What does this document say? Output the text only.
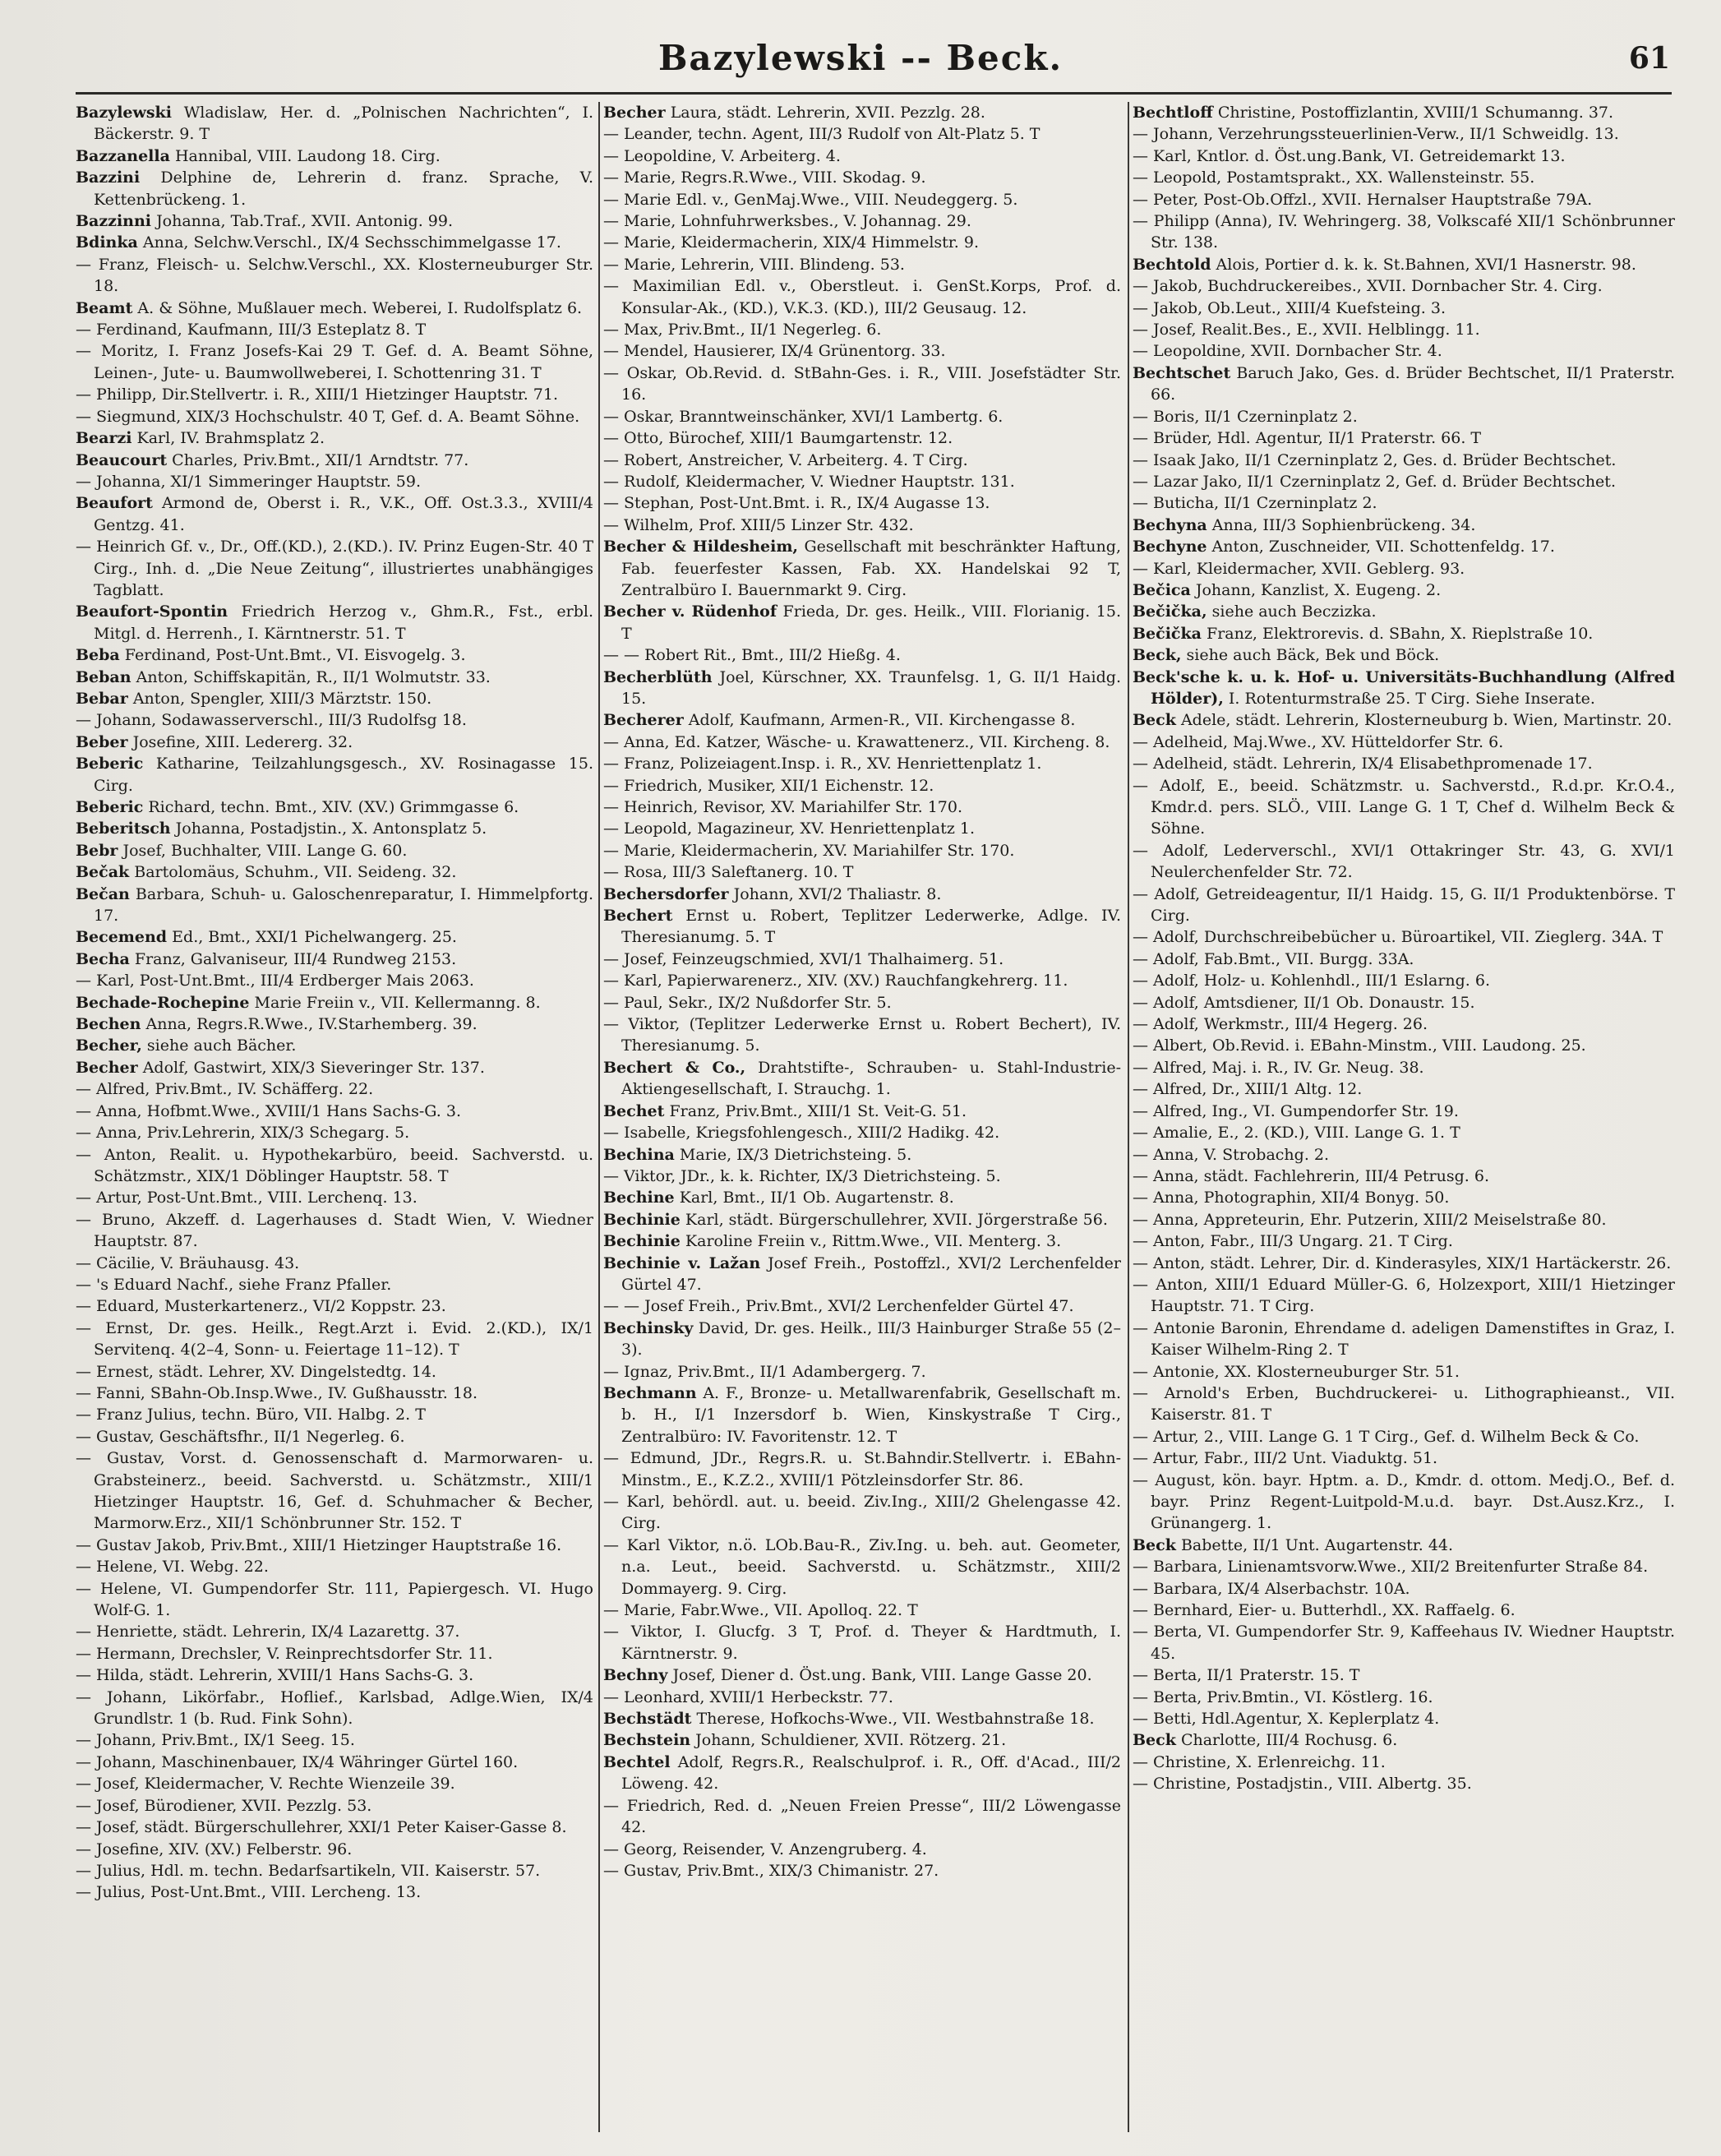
Bazylewski -- Beck.	61

Bazylewski Wladislaw, Her. d. „Polnischen Nachrichten“, I. Bäckerstr. 9. T

Bazzanella Hannibal, VIII. Laudong 18. Cirg.

Bazzini Delphine de, Lehrerin d. franz. Sprache, V. Kettenbrückeng. 1.

Bazzinni Johanna, Tab.Traf., XVII. Antonig. 99.

Bdinka Anna, Selchw.Verschl., IX/4 Sechsschimmelgasse 17.

— Franz, Fleisch- u. Selchw.Verschl., XX. Klosterneuburger Str. 18.

Beamt A. & Söhne, Mußlauer mech. Weberei, I. Rudolfsplatz 6.

— Ferdinand, Kaufmann, III/3 Esteplatz 8. T

— Moritz, I. Franz Josefs-Kai 29 T. Gef. d. A. Beamt Söhne, Leinen-, Jute- u. Baumwollweberei, I. Schottenring 31. T

— Philipp, Dir.Stellvertr. i. R., XIII/1 Hietzinger Hauptstr. 71.

— Siegmund, XIX/3 Hochschulstr. 40 T, Gef. d. A. Beamt Söhne.

Bearzi Karl, IV. Brahmsplatz 2.

Beaucourt Charles, Priv.Bmt., XII/1 Arndtstr. 77.

— Johanna, XI/1 Simmeringer Hauptstr. 59.

Beaufort Armond de, Oberst i. R., V.K., Off. Ost.3.3., XVIII/4 Gentzg. 41.

— Heinrich Gf. v., Dr., Off.(KD.), 2.(KD.). IV. Prinz Eugen-Str. 40 T Cirg., Inh. d. „Die Neue Zeitung“, illustriertes unabhängiges Tagblatt.

Beaufort-Spontin Friedrich Herzog v., Ghm.R., Fst., erbl. Mitgl. d. Herrenh., I. Kärntnerstr. 51. T

Beba Ferdinand, Post-Unt.Bmt., VI. Eisvogelg. 3.

Beban Anton, Schiffskapitän, R., II/1 Wolmutstr. 33.

Bebar Anton, Spengler, XIII/3 Märztstr. 150.

— Johann, Sodawasserverschl., III/3 Rudolfsg 18.

Beber Josefine, XIII. Ledererg. 32.

Beberic Katharine, Teilzahlungsgesch., XV. Rosinagasse 15. Cirg.

Beberic Richard, techn. Bmt., XIV. (XV.) Grimmgasse 6.

Beberitsch Johanna, Postadjstin., X. Antonsplatz 5.

Bebr Josef, Buchhalter, VIII. Lange G. 60.

Bečak Bartolomäus, Schuhm., VII. Seideng. 32.

Bečan Barbara, Schuh- u. Galoschenreparatur, I. Himmelpfortg. 17.

Becemend Ed., Bmt., XXI/1 Pichelwangerg. 25.

Becha Franz, Galvaniseur, III/4 Rundweg 2153.

— Karl, Post-Unt.Bmt., III/4 Erdberger Mais 2063.

Bechade-Rochepine Marie Freiin v., VII. Kellermanng. 8.

Bechen Anna, Regrs.R.Wwe., IV.Starhemberg. 39.

Becher, siehe auch Bächer.

Becher Adolf, Gastwirt, XIX/3 Sieveringer Str. 137.

— Alfred, Priv.Bmt., IV. Schäfferg. 22.

— Anna, Hofbmt.Wwe., XVIII/1 Hans Sachs-G. 3.

— Anna, Priv.Lehrerin, XIX/3 Schegarg. 5.

— Anton, Realit. u. Hypothekarbüro, beeid. Sachverstd. u. Schätzmstr., XIX/1 Döblinger Hauptstr. 58. T

— Artur, Post-Unt.Bmt., VIII. Lerchenq. 13.

— Bruno, Akzeff. d. Lagerhauses d. Stadt Wien, V. Wiedner Hauptstr. 87.

— Cäcilie, V. Bräuhausg. 43.

— 's Eduard Nachf., siehe Franz Pfaller.

— Eduard, Musterkartenerz., VI/2 Koppstr. 23.

— Ernst, Dr. ges. Heilk., Regt.Arzt i. Evid. 2.(KD.), IX/1 Servitenq. 4(2–4, Sonn- u. Feiertage 11–12). T

— Ernest, städt. Lehrer, XV. Dingelstedtg. 14.

— Fanni, SBahn-Ob.Insp.Wwe., IV. Gußhausstr. 18.

— Franz Julius, techn. Büro, VII. Halbg. 2. T

— Gustav, Geschäftsfhr., II/1 Negerleg. 6.

— Gustav, Vorst. d. Genossenschaft d. Marmorwaren- u. Grabsteinerz., beeid. Sachverstd. u. Schätzmstr., XIII/1 Hietzinger Hauptstr. 16, Gef. d. Schuhmacher & Becher, Marmorw.Erz., XII/1 Schönbrunner Str. 152. T

— Gustav Jakob, Priv.Bmt., XIII/1 Hietzinger Hauptstraße 16.

— Helene, VI. Webg. 22.

— Helene, VI. Gumpendorfer Str. 111, Papiergesch. VI. Hugo Wolf-G. 1.

— Henriette, städt. Lehrerin, IX/4 Lazarettg. 37.

— Hermann, Drechsler, V. Reinprechtsdorfer Str. 11.

— Hilda, städt. Lehrerin, XVIII/1 Hans Sachs-G. 3.

— Johann, Likörfabr., Hoflief., Karlsbad, Adlge.Wien, IX/4 Grundlstr. 1 (b. Rud. Fink Sohn).

— Johann, Priv.Bmt., IX/1 Seeg. 15.

— Johann, Maschinenbauer, IX/4 Währinger Gürtel 160.

— Josef, Kleidermacher, V. Rechte Wienzeile 39.

— Josef, Bürodiener, XVII. Pezzlg. 53.

— Josef, städt. Bürgerschullehrer, XXI/1 Peter Kaiser-Gasse 8.

— Josefine, XIV. (XV.) Felberstr. 96.

— Julius, Hdl. m. techn. Bedarfsartikeln, VII. Kaiserstr. 57.

— Julius, Post-Unt.Bmt., VIII. Lercheng. 13.

Becher Laura, städt. Lehrerin, XVII. Pezzlg. 28.

— Leander, techn. Agent, III/3 Rudolf von Alt-Platz 5. T

— Leopoldine, V. Arbeiterg. 4.

— Marie, Regrs.R.Wwe., VIII. Skodag. 9.

— Marie Edl. v., GenMaj.Wwe., VIII. Neudeggerg. 5.

— Marie, Lohnfuhrwerksbes., V. Johannag. 29.

— Marie, Kleidermacherin, XIX/4 Himmelstr. 9.

— Marie, Lehrerin, VIII. Blindeng. 53.

— Maximilian Edl. v., Oberstleut. i. GenSt.Korps, Prof. d. Konsular-Ak., (KD.), V.K.3. (KD.), III/2 Geusaug. 12.

— Max, Priv.Bmt., II/1 Negerleg. 6.

— Mendel, Hausierer, IX/4 Grünentorg. 33.

— Oskar, Ob.Revid. d. StBahn-Ges. i. R., VIII. Josefstädter Str. 16.

— Oskar, Branntweinschänker, XVI/1 Lambertg. 6.

— Otto, Bürochef, XIII/1 Baumgartenstr. 12.

— Robert, Anstreicher, V. Arbeiterg. 4. T Cirg.

— Rudolf, Kleidermacher, V. Wiedner Hauptstr. 131.

— Stephan, Post-Unt.Bmt. i. R., IX/4 Augasse 13.

— Wilhelm, Prof. XIII/5 Linzer Str. 432.

Becher & Hildesheim, Gesellschaft mit beschränkter Haftung, Fab. feuerfester Kassen, Fab. XX. Handelskai 92 T, Zentralbüro I. Bauernmarkt 9. Cirg.

Becher v. Rüdenhof Frieda, Dr. ges. Heilk., VIII. Florianig. 15. T

— — Robert Rit., Bmt., III/2 Hießg. 4.

Becherblüth Joel, Kürschner, XX. Traunfelsg. 1, G. II/1 Haidg. 15.

Becherer Adolf, Kaufmann, Armen-R., VII. Kirchengasse 8.

— Anna, Ed. Katzer, Wäsche- u. Krawattenerz., VII. Kircheng. 8.

— Franz, Polizeiagent.Insp. i. R., XV. Henriettenplatz 1.

— Friedrich, Musiker, XII/1 Eichenstr. 12.

— Heinrich, Revisor, XV. Mariahilfer Str. 170.

— Leopold, Magazineur, XV. Henriettenplatz 1.

— Marie, Kleidermacherin, XV. Mariahilfer Str. 170.

— Rosa, III/3 Saleftanerg. 10. T

Bechersdorfer Johann, XVI/2 Thaliastr. 8.

Bechert Ernst u. Robert, Teplitzer Lederwerke, Adlge. IV. Theresianumg. 5. T

— Josef, Feinzeugschmied, XVI/1 Thalhaimerg. 51.

— Karl, Papierwarenerz., XIV. (XV.) Rauchfangkehrerg. 11.

— Paul, Sekr., IX/2 Nußdorfer Str. 5.

— Viktor, (Teplitzer Lederwerke Ernst u. Robert Bechert), IV. Theresianumg. 5.

Bechert & Co., Drahtstifte-, Schrauben- u. Stahl-Industrie-Aktiengesellschaft, I. Strauchg. 1.

Bechet Franz, Priv.Bmt., XIII/1 St. Veit-G. 51.

— Isabelle, Kriegsfohlengesch., XIII/2 Hadikg. 42.

Bechina Marie, IX/3 Dietrichsteing. 5.

— Viktor, JDr., k. k. Richter, IX/3 Dietrichsteing. 5.

Bechine Karl, Bmt., II/1 Ob. Augartenstr. 8.

Bechinie Karl, städt. Bürgerschullehrer, XVII. Jörgerstraße 56.

Bechinie Karoline Freiin v., Rittm.Wwe., VII. Menterg. 3.

Bechinie v. Lažan Josef Freih., Postoffzl., XVI/2 Lerchenfelder Gürtel 47.

— — Josef Freih., Priv.Bmt., XVI/2 Lerchenfelder Gürtel 47.

Bechinsky David, Dr. ges. Heilk., III/3 Hainburger Straße 55 (2–3).

— Ignaz, Priv.Bmt., II/1 Adambergerg. 7.

Bechmann A. F., Bronze- u. Metallwarenfabrik, Gesellschaft m. b. H., I/1 Inzersdorf b. Wien, Kinskystraße T Cirg., Zentralbüro: IV. Favoritenstr. 12. T

— Edmund, JDr., Regrs.R. u. St.Bahndir.Stellvertr. i. EBahn-Minstm., E., K.Z.2., XVIII/1 Pötzleinsdorfer Str. 86.

— Karl, behördl. aut. u. beeid. Ziv.Ing., XIII/2 Ghelengasse 42. Cirg.

— Karl Viktor, n.ö. LOb.Bau-R., Ziv.Ing. u. beh. aut. Geometer, n.a. Leut., beeid. Sachverstd. u. Schätzmstr., XIII/2 Dommayerg. 9. Cirg.

— Marie, Fabr.Wwe., VII. Apolloq. 22. T

— Viktor, I. Glucfg. 3 T, Prof. d. Theyer & Hardtmuth, I. Kärntnerstr. 9.

Bechny Josef, Diener d. Öst.ung. Bank, VIII. Lange Gasse 20.

— Leonhard, XVIII/1 Herbeckstr. 77.

Bechstädt Therese, Hofkochs-Wwe., VII. Westbahnstraße 18.

Bechstein Johann, Schuldiener, XVII. Rötzerg. 21.

Bechtel Adolf, Regrs.R., Realschulprof. i. R., Off. d'Acad., III/2 Löweng. 42.

— Friedrich, Red. d. „Neuen Freien Presse“, III/2 Löwengasse 42.

— Georg, Reisender, V. Anzengruberg. 4.

— Gustav, Priv.Bmt., XIX/3 Chimanistr. 27.

Bechtloff Christine, Postoffizlantin, XVIII/1 Schumanng. 37.

— Johann, Verzehrungssteuerlinien-Verw., II/1 Schweidlg. 13.

— Karl, Kntlor. d. Öst.ung.Bank, VI. Getreidemarkt 13.

— Leopold, Postamtsprakt., XX. Wallensteinstr. 55.

— Peter, Post-Ob.Offzl., XVII. Hernalser Hauptstraße 79A.

— Philipp (Anna), IV. Wehringerg. 38, Volkscafé XII/1 Schönbrunner Str. 138.

Bechtold Alois, Portier d. k. k. St.Bahnen, XVI/1 Hasnerstr. 98.

— Jakob, Buchdruckereibes., XVII. Dornbacher Str. 4. Cirg.

— Jakob, Ob.Leut., XIII/4 Kuefsteing. 3.

— Josef, Realit.Bes., E., XVII. Helblingg. 11.

— Leopoldine, XVII. Dornbacher Str. 4.

Bechtschet Baruch Jako, Ges. d. Brüder Bechtschet, II/1 Praterstr. 66.

— Boris, II/1 Czerninplatz 2.

— Brüder, Hdl. Agentur, II/1 Praterstr. 66. T

— Isaak Jako, II/1 Czerninplatz 2, Ges. d. Brüder Bechtschet.

— Lazar Jako, II/1 Czerninplatz 2, Gef. d. Brüder Bechtschet.

— Buticha, II/1 Czerninplatz 2.

Bechyna Anna, III/3 Sophienbrückeng. 34.

Bechyne Anton, Zuschneider, VII. Schottenfeldg. 17.

— Karl, Kleidermacher, XVII. Geblerg. 93.

Bečica Johann, Kanzlist, X. Eugeng. 2.

Bečička, siehe auch Beczizka.

Bečička Franz, Elektrorevis. d. SBahn, X. Rieplstraße 10.

Beck, siehe auch Bäck, Bek und Böck.

Beck'sche k. u. k. Hof- u. Universitäts-Buchhandlung (Alfred Hölder), I. Rotenturmstraße 25. T Cirg. Siehe Inserate.

Beck Adele, städt. Lehrerin, Klosterneuburg b. Wien, Martinstr. 20.

— Adelheid, Maj.Wwe., XV. Hütteldorfer Str. 6.

— Adelheid, städt. Lehrerin, IX/4 Elisabethpromenade 17.

— Adolf, E., beeid. Schätzmstr. u. Sachverstd., R.d.pr. Kr.O.4., Kmdr.d. pers. SLÖ., VIII. Lange G. 1 T, Chef d. Wilhelm Beck & Söhne.

— Adolf, Lederverschl., XVI/1 Ottakringer Str. 43, G. XVI/1 Neulerchenfelder Str. 72.

— Adolf, Getreideagentur, II/1 Haidg. 15, G. II/1 Produktenbörse. T Cirg.

— Adolf, Durchschreibebücher u. Büroartikel, VII. Zieglerg. 34A. T

— Adolf, Fab.Bmt., VII. Burgg. 33A.

— Adolf, Holz- u. Kohlenhdl., III/1 Eslarng. 6.

— Adolf, Amtsdiener, II/1 Ob. Donaustr. 15.

— Adolf, Werkmstr., III/4 Hegerg. 26.

— Albert, Ob.Revid. i. EBahn-Minstm., VIII. Laudong. 25.

— Alfred, Maj. i. R., IV. Gr. Neug. 38.

— Alfred, Dr., XIII/1 Altg. 12.

— Alfred, Ing., VI. Gumpendorfer Str. 19.

— Amalie, E., 2. (KD.), VIII. Lange G. 1. T

— Anna, V. Strobachg. 2.

— Anna, städt. Fachlehrerin, III/4 Petrusg. 6.

— Anna, Photographin, XII/4 Bonyg. 50.

— Anna, Appreteurin, Ehr. Putzerin, XIII/2 Meiselstraße 80.

— Anton, Fabr., III/3 Ungarg. 21. T Cirg.

— Anton, städt. Lehrer, Dir. d. Kinderasyles, XIX/1 Hartäckerstr. 26.

— Anton, XIII/1 Eduard Müller-G. 6, Holzexport, XIII/1 Hietzinger Hauptstr. 71. T Cirg.

— Antonie Baronin, Ehrendame d. adeligen Damenstiftes in Graz, I. Kaiser Wilhelm-Ring 2. T

— Antonie, XX. Klosterneuburger Str. 51.

— Arnold's Erben, Buchdruckerei- u. Lithographieanst., VII. Kaiserstr. 81. T

— Artur, 2., VIII. Lange G. 1 T Cirg., Gef. d. Wilhelm Beck & Co.

— Artur, Fabr., III/2 Unt. Viaduktg. 51.

— August, kön. bayr. Hptm. a. D., Kmdr. d. ottom. Medj.O., Bef. d. bayr. Prinz Regent-Luitpold-M.u.d. bayr. Dst.Ausz.Krz., I. Grünangerg. 1.

Beck Babette, II/1 Unt. Augartenstr. 44.

— Barbara, Linienamtsvorw.Wwe., XII/2 Breitenfurter Straße 84.

— Barbara, IX/4 Alserbachstr. 10A.

— Bernhard, Eier- u. Butterhdl., XX. Raffaelg. 6.

— Berta, VI. Gumpendorfer Str. 9, Kaffeehaus IV. Wiedner Hauptstr. 45.

— Berta, II/1 Praterstr. 15. T

— Berta, Priv.Bmtin., VI. Köstlerg. 16.

— Betti, Hdl.Agentur, X. Keplerplatz 4.

Beck Charlotte, III/4 Rochusg. 6.

— Christine, X. Erlenreichg. 11.

— Christine, Postadjstin., VIII. Albertg. 35.
